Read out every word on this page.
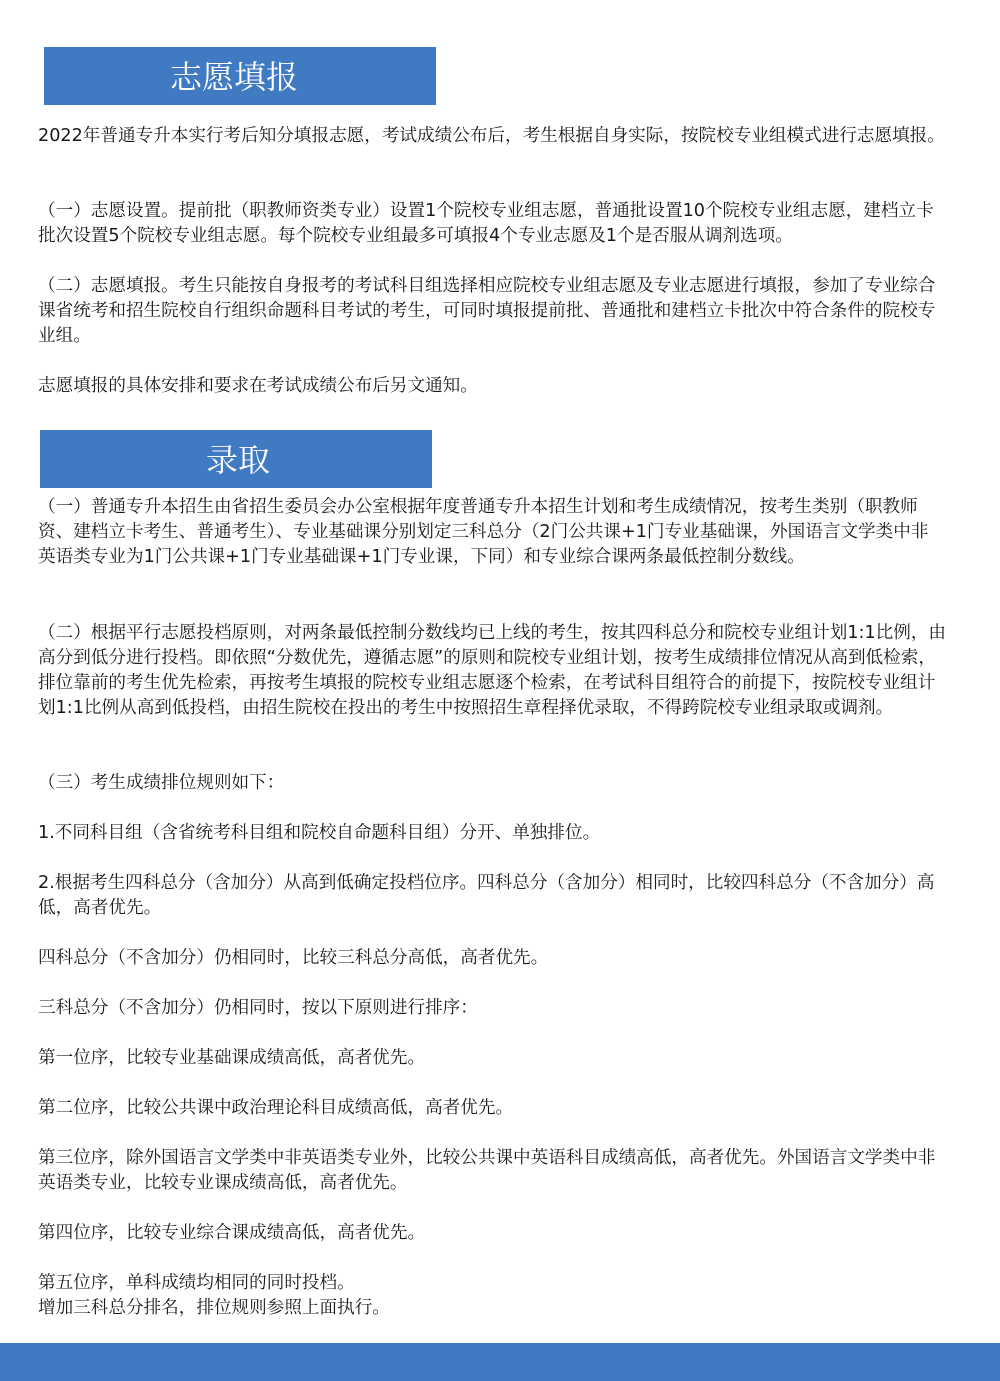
志愿填报

2022年普通专升本实行考后知分填报志愿，考试成绩公布后，考生根据自身实际，按院校专业组模式进行志愿填报。

（一）志愿设置。提前批（职教师资类专业）设置1个院校专业组志愿，普通批设置10个院校专业组志愿，建档立卡批次设置5个院校专业组志愿。每个院校专业组最多可填报4个专业志愿及1个是否服从调剂选项。

（二）志愿填报。考生只能按自身报考的考试科目组选择相应院校专业组志愿及专业志愿进行填报，参加了专业综合课省统考和招生院校自行组织命题科目考试的考生，可同时填报提前批、普通批和建档立卡批次中符合条件的院校专业组。

志愿填报的具体安排和要求在考试成绩公布后另文通知。

录取

（一）普通专升本招生由省招生委员会办公室根据年度普通专升本招生计划和考生成绩情况，按考生类别（职教师资、建档立卡考生、普通考生）、专业基础课分别划定三科总分（2门公共课+1门专业基础课，外国语言文学类中非英语类专业为1门公共课+1门专业基础课+1门专业课，下同）和专业综合课两条最低控制分数线。

（二）根据平行志愿投档原则，对两条最低控制分数线均已上线的考生，按其四科总分和院校专业组计划1:1比例，由高分到低分进行投档。即依照“分数优先，遵循志愿”的原则和院校专业组计划，按考生成绩排位情况从高到低检索，排位靠前的考生优先检索，再按考生填报的院校专业组志愿逐个检索，在考试科目组符合的前提下，按院校专业组计划1:1比例从高到低投档，由招生院校在投出的考生中按照招生章程择优录取，不得跨院校专业组录取或调剂。

（三）考生成绩排位规则如下：

1.不同科目组（含省统考科目组和院校自命题科目组）分开、单独排位。

2.根据考生四科总分（含加分）从高到低确定投档位序。四科总分（含加分）相同时，比较四科总分（不含加分）高低，高者优先。

四科总分（不含加分）仍相同时，比较三科总分高低，高者优先。

三科总分（不含加分）仍相同时，按以下原则进行排序：

第一位序，比较专业基础课成绩高低，高者优先。

第二位序，比较公共课中政治理论科目成绩高低，高者优先。

第三位序，除外国语言文学类中非英语类专业外，比较公共课中英语科目成绩高低，高者优先。外国语言文学类中非英语类专业，比较专业课成绩高低，高者优先。

第四位序，比较专业综合课成绩高低，高者优先。

第五位序，单科成绩均相同的同时投档。

增加三科总分排名，排位规则参照上面执行。
